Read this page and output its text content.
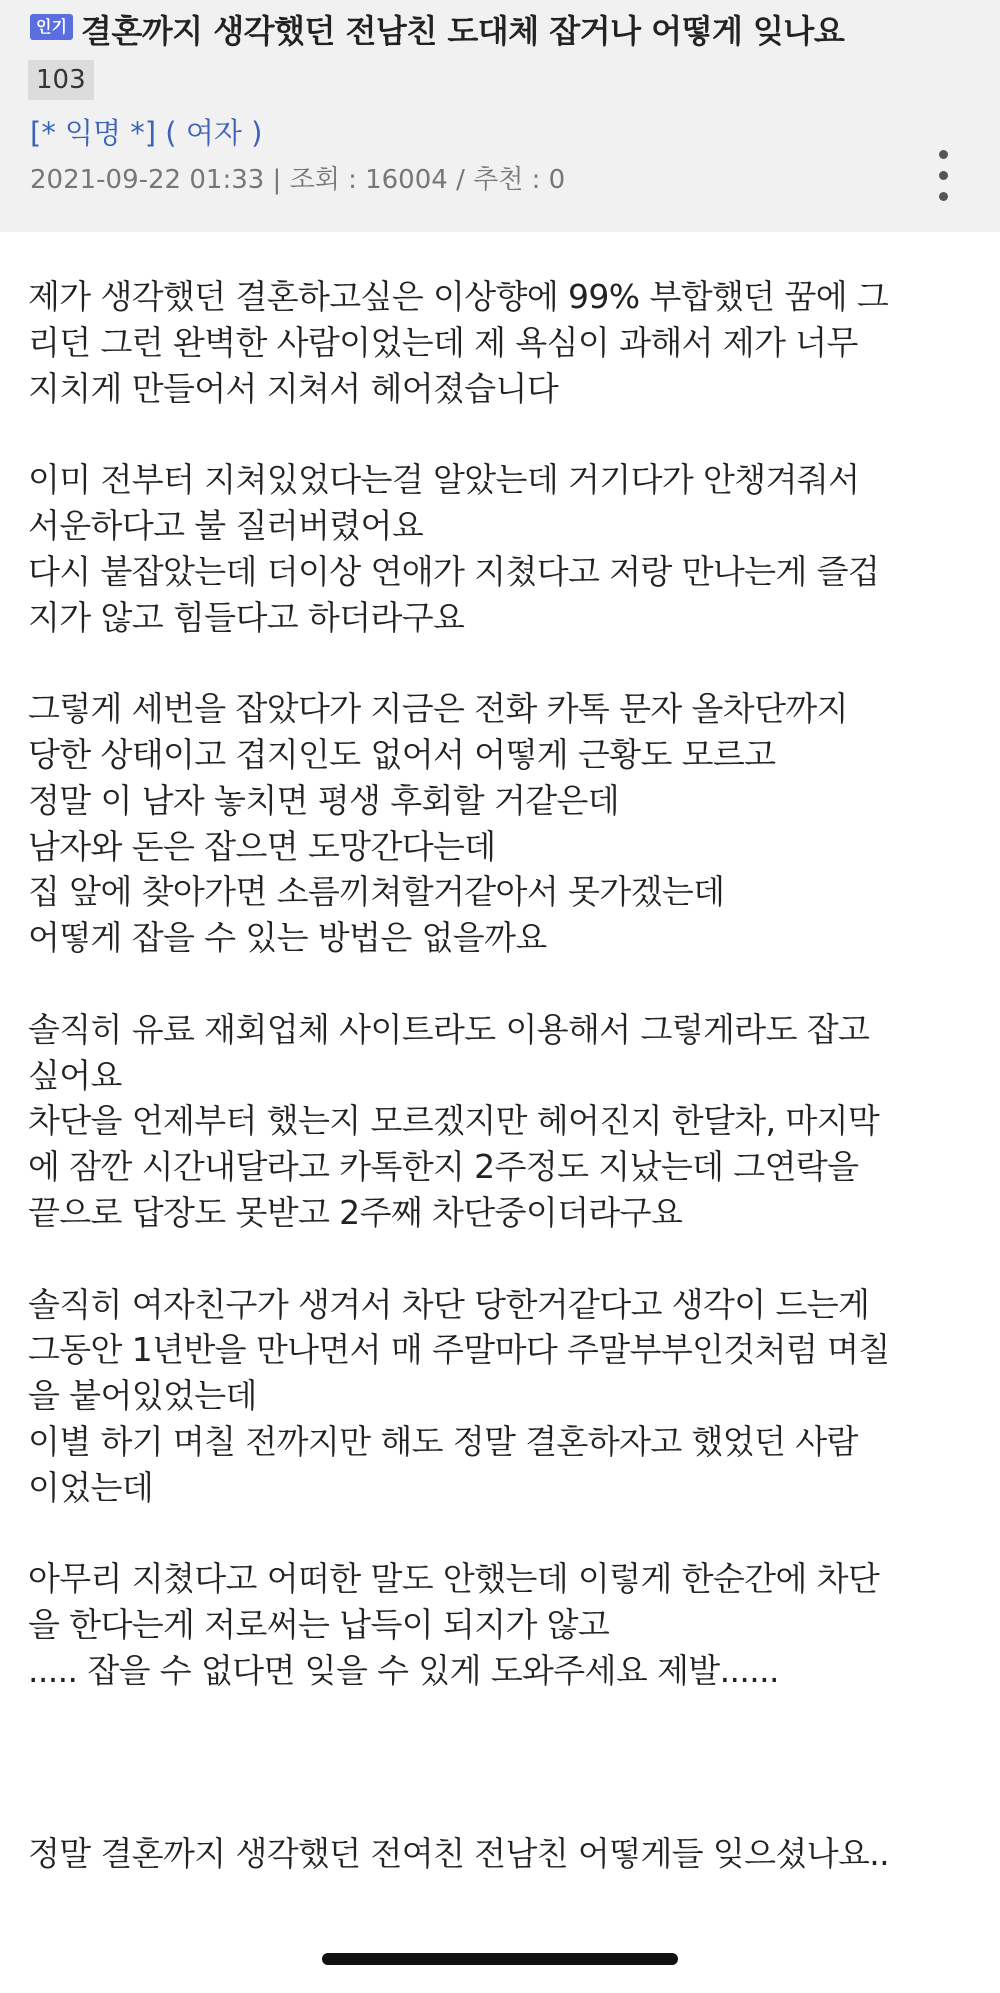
인기 결혼까지 생각했던 전남친 도대체 잡거나 어떻게 잊나요
103
[* 익명 *] ( 여자 )
2021-09-22 01:33 | 조회 : 16004 / 추천 : 0
제가 생각했던 결혼하고싶은 이상향에 99% 부합했던 꿈에 그
리던 그런 완벽한 사람이었는데 제 욕심이 과해서 제가 너무
지치게 만들어서 지쳐서 헤어졌습니다
이미 전부터 지쳐있었다는걸 알았는데 거기다가 안챙겨줘서
서운하다고 불 질러버렸어요
다시 붙잡았는데 더이상 연애가 지쳤다고 저랑 만나는게 즐겁
지가 않고 힘들다고 하더라구요
그렇게 세번을 잡았다가 지금은 전화 카톡 문자 올차단까지
당한 상태이고 겹지인도 없어서 어떻게 근황도 모르고
정말 이 남자 놓치면 평생 후회할 거같은데
남자와 돈은 잡으면 도망간다는데
집 앞에 찾아가면 소름끼쳐할거같아서 못가겠는데
어떻게 잡을 수 있는 방법은 없을까요
솔직히 유료 재회업체 사이트라도 이용해서 그렇게라도 잡고
싶어요
차단을 언제부터 했는지 모르겠지만 헤어진지 한달차, 마지막
에 잠깐 시간내달라고 카톡한지 2주정도 지났는데 그연락을
끝으로 답장도 못받고 2주째 차단중이더라구요
솔직히 여자친구가 생겨서 차단 당한거같다고 생각이 드는게
그동안 1년반을 만나면서 매 주말마다 주말부부인것처럼 며칠
을 붙어있었는데
이별 하기 며칠 전까지만 해도 정말 결혼하자고 했었던 사람
이었는데
아무리 지쳤다고 어떠한 말도 안했는데 이렇게 한순간에 차단
을 한다는게 저로써는 납득이 되지가 않고
..... 잡을 수 없다면 잊을 수 있게 도와주세요 제발......
정말 결혼까지 생각했던 전여친 전남친 어떻게들 잊으셨나요..
